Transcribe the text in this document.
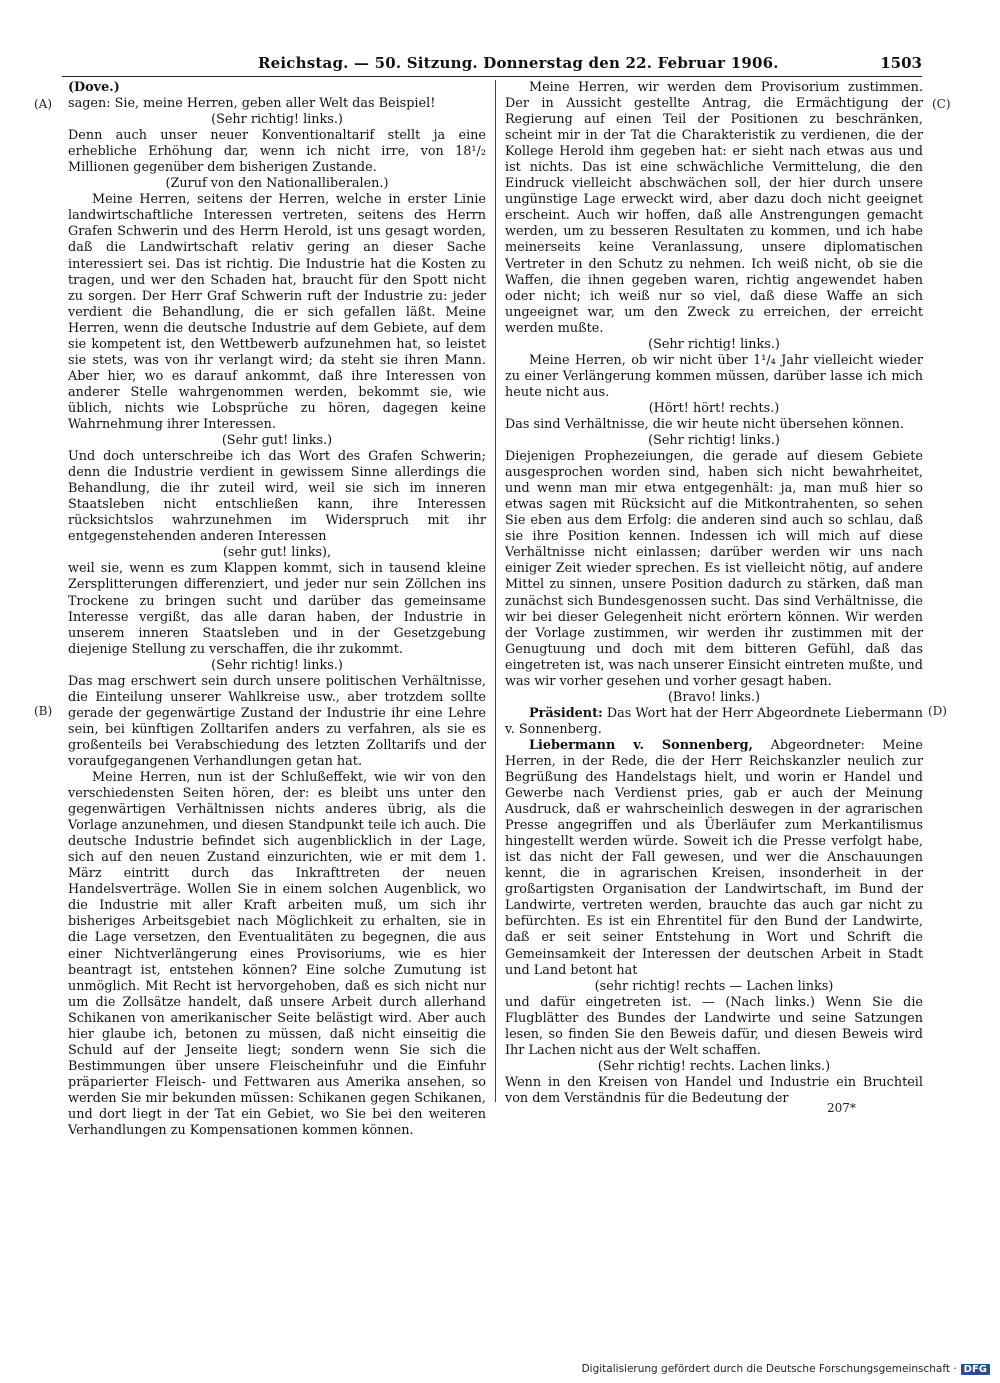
Reichstag. — 50. Sitzung. Donnerstag den 22. Februar 1906.	1503
(A)
(B)
(C)
(D)
(Dove.)

sagen: Sie, meine Herren, geben aller Welt das Beispiel!

(Sehr richtig! links.)

Denn auch unser neuer Konventionaltarif stellt ja eine erhebliche Erhöhung dar, wenn ich nicht irre, von 18¹/₂ Millionen gegenüber dem bisherigen Zustande.

(Zuruf von den Nationalliberalen.)

Meine Herren, seitens der Herren, welche in erster Linie landwirtschaftliche Interessen vertreten, seitens des Herrn Grafen Schwerin und des Herrn Herold, ist uns gesagt worden, daß die Landwirtschaft relativ gering an dieser Sache interessiert sei. Das ist richtig. Die Industrie hat die Kosten zu tragen, und wer den Schaden hat, braucht für den Spott nicht zu sorgen. Der Herr Graf Schwerin ruft der Industrie zu: jeder verdient die Behandlung, die er sich gefallen läßt. Meine Herren, wenn die deutsche Industrie auf dem Gebiete, auf dem sie kompetent ist, den Wettbewerb aufzunehmen hat, so leistet sie stets, was von ihr verlangt wird; da steht sie ihren Mann. Aber hier, wo es darauf ankommt, daß ihre Interessen von anderer Stelle wahrgenommen werden, bekommt sie, wie üblich, nichts wie Lobsprüche zu hören, dagegen keine Wahrnehmung ihrer Interessen.

(Sehr gut! links.)

Und doch unterschreibe ich das Wort des Grafen Schwerin; denn die Industrie verdient in gewissem Sinne allerdings die Behandlung, die ihr zuteil wird, weil sie sich im inneren Staatsleben nicht entschließen kann, ihre Interessen rücksichtslos wahrzunehmen im Widerspruch mit ihr entgegenstehenden anderen Interessen

(sehr gut! links),

weil sie, wenn es zum Klappen kommt, sich in tausend kleine Zersplitterungen differenziert, und jeder nur sein Zöllchen ins Trockene zu bringen sucht und darüber das gemeinsame Interesse vergißt, das alle daran haben, der Industrie in unserem inneren Staatsleben und in der Gesetzgebung diejenige Stellung zu verschaffen, die ihr zukommt.

(Sehr richtig! links.)

Das mag erschwert sein durch unsere politischen Verhältnisse, die Einteilung unserer Wahlkreise usw., aber trotzdem sollte gerade der gegenwärtige Zustand der Industrie ihr eine Lehre sein, bei künftigen Zolltarifen anders zu verfahren, als sie es großenteils bei Verabschiedung des letzten Zolltarifs und der voraufgegangenen Verhandlungen getan hat.

Meine Herren, nun ist der Schlußeffekt, wie wir von den verschiedensten Seiten hören, der: es bleibt uns unter den gegenwärtigen Verhältnissen nichts anderes übrig, als die Vorlage anzunehmen, und diesen Standpunkt teile ich auch. Die deutsche Industrie befindet sich augenblicklich in der Lage, sich auf den neuen Zustand einzurichten, wie er mit dem 1. März eintritt durch das Inkrafttreten der neuen Handelsverträge. Wollen Sie in einem solchen Augenblick, wo die Industrie mit aller Kraft arbeiten muß, um sich ihr bisheriges Arbeitsgebiet nach Möglichkeit zu erhalten, sie in die Lage versetzen, den Eventualitäten zu begegnen, die aus einer Nichtverlängerung eines Provisoriums, wie es hier beantragt ist, entstehen können? Eine solche Zumutung ist unmöglich. Mit Recht ist hervorgehoben, daß es sich nicht nur um die Zollsätze handelt, daß unsere Arbeit durch allerhand Schikanen von amerikanischer Seite belästigt wird. Aber auch hier glaube ich, betonen zu müssen, daß nicht einseitig die Schuld auf der Jenseite liegt; sondern wenn Sie sich die Bestimmungen über unsere Fleischeinfuhr und die Einfuhr präparierter Fleisch- und Fettwaren aus Amerika ansehen, so werden Sie mir bekunden müssen: Schikanen gegen Schikanen, und dort liegt in der Tat ein Gebiet, wo Sie bei den weiteren Verhandlungen zu Kompensationen kommen können.

Meine Herren, wir werden dem Provisorium zustimmen. Der in Aussicht gestellte Antrag, die Ermächtigung der Regierung auf einen Teil der Positionen zu beschränken, scheint mir in der Tat die Charakteristik zu verdienen, die der Kollege Herold ihm gegeben hat: er sieht nach etwas aus und ist nichts. Das ist eine schwächliche Vermittelung, die den Eindruck vielleicht abschwächen soll, der hier durch unsere ungünstige Lage erweckt wird, aber dazu doch nicht geeignet erscheint. Auch wir hoffen, daß alle Anstrengungen gemacht werden, um zu besseren Resultaten zu kommen, und ich habe meinerseits keine Veranlassung, unsere diplomatischen Vertreter in den Schutz zu nehmen. Ich weiß nicht, ob sie die Waffen, die ihnen gegeben waren, richtig angewendet haben oder nicht; ich weiß nur so viel, daß diese Waffe an sich ungeeignet war, um den Zweck zu erreichen, der erreicht werden mußte.

(Sehr richtig! links.)

Meine Herren, ob wir nicht über 1¹/₄ Jahr vielleicht wieder zu einer Verlängerung kommen müssen, darüber lasse ich mich heute nicht aus.

(Hört! hört! rechts.)

Das sind Verhältnisse, die wir heute nicht übersehen können.

(Sehr richtig! links.)

Diejenigen Prophezeiungen, die gerade auf diesem Gebiete ausgesprochen worden sind, haben sich nicht bewahrheitet, und wenn man mir etwa entgegenhält: ja, man muß hier so etwas sagen mit Rücksicht auf die Mitkontrahenten, so sehen Sie eben aus dem Erfolg: die anderen sind auch so schlau, daß sie ihre Position kennen. Indessen ich will mich auf diese Verhältnisse nicht einlassen; darüber werden wir uns nach einiger Zeit wieder sprechen. Es ist vielleicht nötig, auf andere Mittel zu sinnen, unsere Position dadurch zu stärken, daß man zunächst sich Bundesgenossen sucht. Das sind Verhältnisse, die wir bei dieser Gelegenheit nicht erörtern können. Wir werden der Vorlage zustimmen, wir werden ihr zustimmen mit der Genugtuung und doch mit dem bitteren Gefühl, daß das eingetreten ist, was nach unserer Einsicht eintreten mußte, und was wir vorher gesehen und vorher gesagt haben.

(Bravo! links.)

Präsident: Das Wort hat der Herr Abgeordnete Liebermann v. Sonnenberg.

Liebermann v. Sonnenberg, Abgeordneter: Meine Herren, in der Rede, die der Herr Reichskanzler neulich zur Begrüßung des Handelstags hielt, und worin er Handel und Gewerbe nach Verdienst pries, gab er auch der Meinung Ausdruck, daß er wahrscheinlich deswegen in der agrarischen Presse angegriffen und als Überläufer zum Merkantilismus hingestellt werden würde. Soweit ich die Presse verfolgt habe, ist das nicht der Fall gewesen, und wer die Anschauungen kennt, die in agrarischen Kreisen, insonderheit in der großartigsten Organisation der Landwirtschaft, im Bund der Landwirte, vertreten werden, brauchte das auch gar nicht zu befürchten. Es ist ein Ehrentitel für den Bund der Landwirte, daß er seit seiner Entstehung in Wort und Schrift die Gemeinsamkeit der Interessen der deutschen Arbeit in Stadt und Land betont hat

(sehr richtig! rechts — Lachen links)

und dafür eingetreten ist. — (Nach links.) Wenn Sie die Flugblätter des Bundes der Landwirte und seine Satzungen lesen, so finden Sie den Beweis dafür, und diesen Beweis wird Ihr Lachen nicht aus der Welt schaffen.

(Sehr richtig! rechts. Lachen links.)

Wenn in den Kreisen von Handel und Industrie ein Bruchteil von dem Verständnis für die Bedeutung der

207*
Digitalisierung gefördert durch die Deutsche Forschungsgemeinschaft · DFG
